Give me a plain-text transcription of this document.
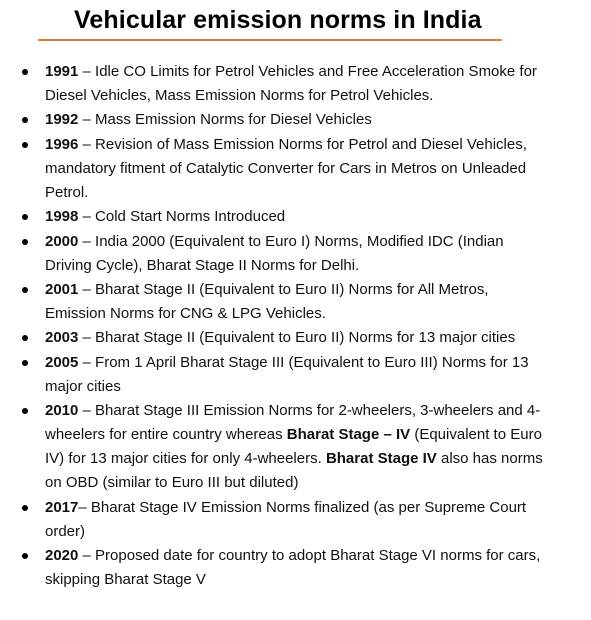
Vehicular emission norms in India
1991 – Idle CO Limits for Petrol Vehicles and Free Acceleration Smoke for Diesel Vehicles, Mass Emission Norms for Petrol Vehicles.
1992 – Mass Emission Norms for Diesel Vehicles
1996 – Revision of Mass Emission Norms for Petrol and Diesel Vehicles, mandatory fitment of Catalytic Converter for Cars in Metros on Unleaded Petrol.
1998 – Cold Start Norms Introduced
2000 – India 2000 (Equivalent to Euro I) Norms, Modified IDC (Indian Driving Cycle), Bharat Stage II Norms for Delhi.
2001 – Bharat Stage II (Equivalent to Euro II) Norms for All Metros, Emission Norms for CNG & LPG Vehicles.
2003 – Bharat Stage II (Equivalent to Euro II) Norms for 13 major cities
2005 – From 1 April Bharat Stage III (Equivalent to Euro III) Norms for 13 major cities
2010 – Bharat Stage III Emission Norms for 2-wheelers, 3-wheelers and 4-wheelers for entire country whereas Bharat Stage – IV (Equivalent to Euro IV) for 13 major cities for only 4-wheelers. Bharat Stage IV also has norms on OBD (similar to Euro III but diluted)
2017– Bharat Stage IV Emission Norms finalized (as per Supreme Court order)
2020 – Proposed date for country to adopt Bharat Stage VI norms for cars, skipping Bharat Stage V
